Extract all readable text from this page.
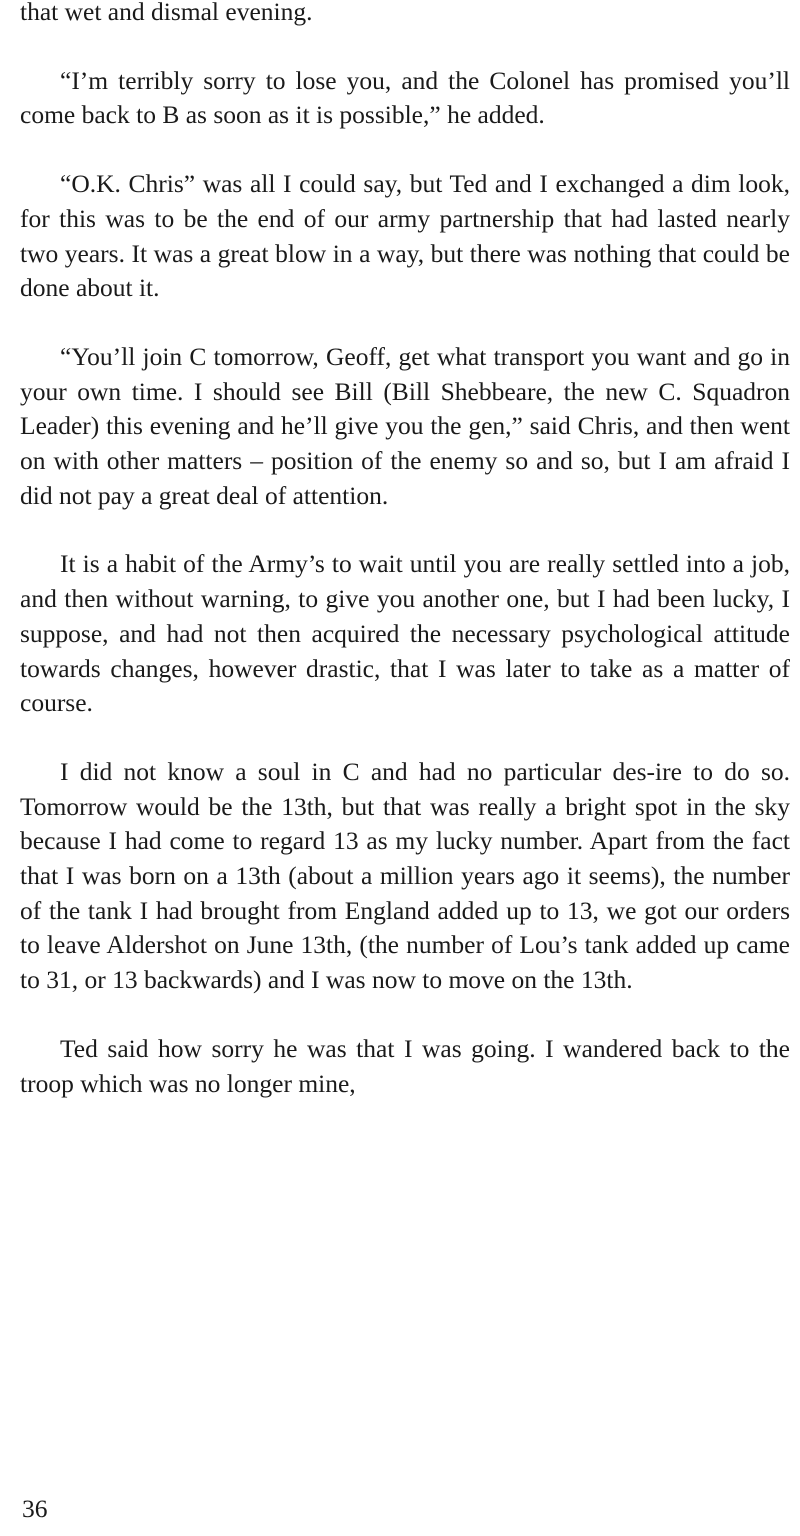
that wet and dismal evening.

“I’m terribly sorry to lose you, and the Colonel has promised you’ll come back to B as soon as it is possible,” he added.

“O.K. Chris” was all I could say, but Ted and I exchanged a dim look, for this was to be the end of our army partnership that had lasted nearly two years. It was a great blow in a way, but there was nothing that could be done about it.

“You’ll join C tomorrow, Geoff, get what transport you want and go in your own time. I should see Bill (Bill Shebbeare, the new C. Squadron Leader) this evening and he’ll give you the gen,” said Chris, and then went on with other matters – position of the enemy so and so, but I am afraid I did not pay a great deal of attention.

It is a habit of the Army’s to wait until you are really settled into a job, and then without warning, to give you another one, but I had been lucky, I suppose, and had not then acquired the necessary psychological attitude towards changes, however drastic, that I was later to take as a matter of course.

I did not know a soul in C and had no particular des-ire to do so. Tomorrow would be the 13th, but that was really a bright spot in the sky because I had come to regard 13 as my lucky number. Apart from the fact that I was born on a 13th (about a million years ago it seems), the number of the tank I had brought from England added up to 13, we got our orders to leave Aldershot on June 13th, (the number of Lou’s tank added up came to 31, or 13 backwards) and I was now to move on the 13th.

Ted said how sorry he was that I was going. I wandered back to the troop which was no longer mine,

36
